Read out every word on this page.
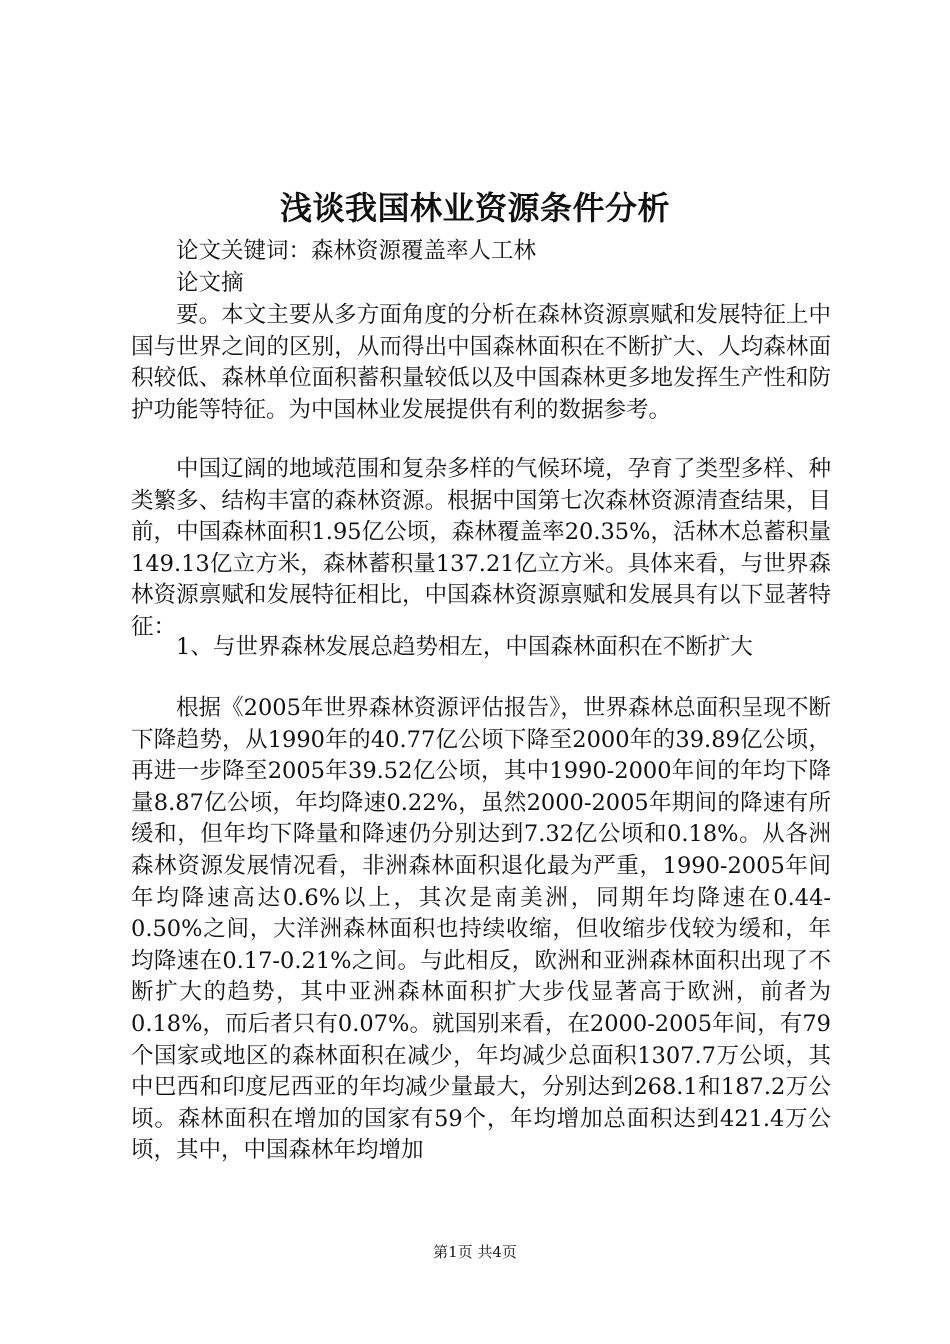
浅谈我国林业资源条件分析
论文关键词：森林资源覆盖率人工林
论文摘
要。本文主要从多方面角度的分析在森林资源禀赋和发展特征上中国与世界之间的区别，从而得出中国森林面积在不断扩大、人均森林面积较低、森林单位面积蓄积量较低以及中国森林更多地发挥生产性和防护功能等特征。为中国林业发展提供有利的数据参考。
中国辽阔的地域范围和复杂多样的气候环境，孕育了类型多样、种类繁多、结构丰富的森林资源。根据中国第七次森林资源清查结果，目前，中国森林面积1.95亿公顷，森林覆盖率20.35%，活林木总蓄积量149.13亿立方米，森林蓄积量137.21亿立方米。具体来看，与世界森林资源禀赋和发展特征相比，中国森林资源禀赋和发展具有以下显著特征：
1、与世界森林发展总趋势相左，中国森林面积在不断扩大
根据《2005年世界森林资源评估报告》，世界森林总面积呈现不断下降趋势，从1990年的40.77亿公顷下降至2000年的39.89亿公顷，再进一步降至2005年39.52亿公顷，其中1990-2000年间的年均下降量8.87亿公顷，年均降速0.22%，虽然2000-2005年期间的降速有所缓和，但年均下降量和降速仍分别达到7.32亿公顷和0.18%。从各洲森林资源发展情况看，非洲森林面积退化最为严重，1990-2005年间年均降速高达0.6%以上，其次是南美洲，同期年均降速在0.44-0.50%之间，大洋洲森林面积也持续收缩，但收缩步伐较为缓和，年均降速在0.17-0.21%之间。与此相反，欧洲和亚洲森林面积出现了不断扩大的趋势，其中亚洲森林面积扩大步伐显著高于欧洲，前者为0.18%，而后者只有0.07%。就国别来看，在2000-2005年间，有79个国家或地区的森林面积在减少，年均减少总面积1307.7万公顷，其中巴西和印度尼西亚的年均减少量最大，分别达到268.1和187.2万公顷。森林面积在增加的国家有59个，年均增加总面积达到421.4万公顷，其中，中国森林年均增加
第1页 共4页
